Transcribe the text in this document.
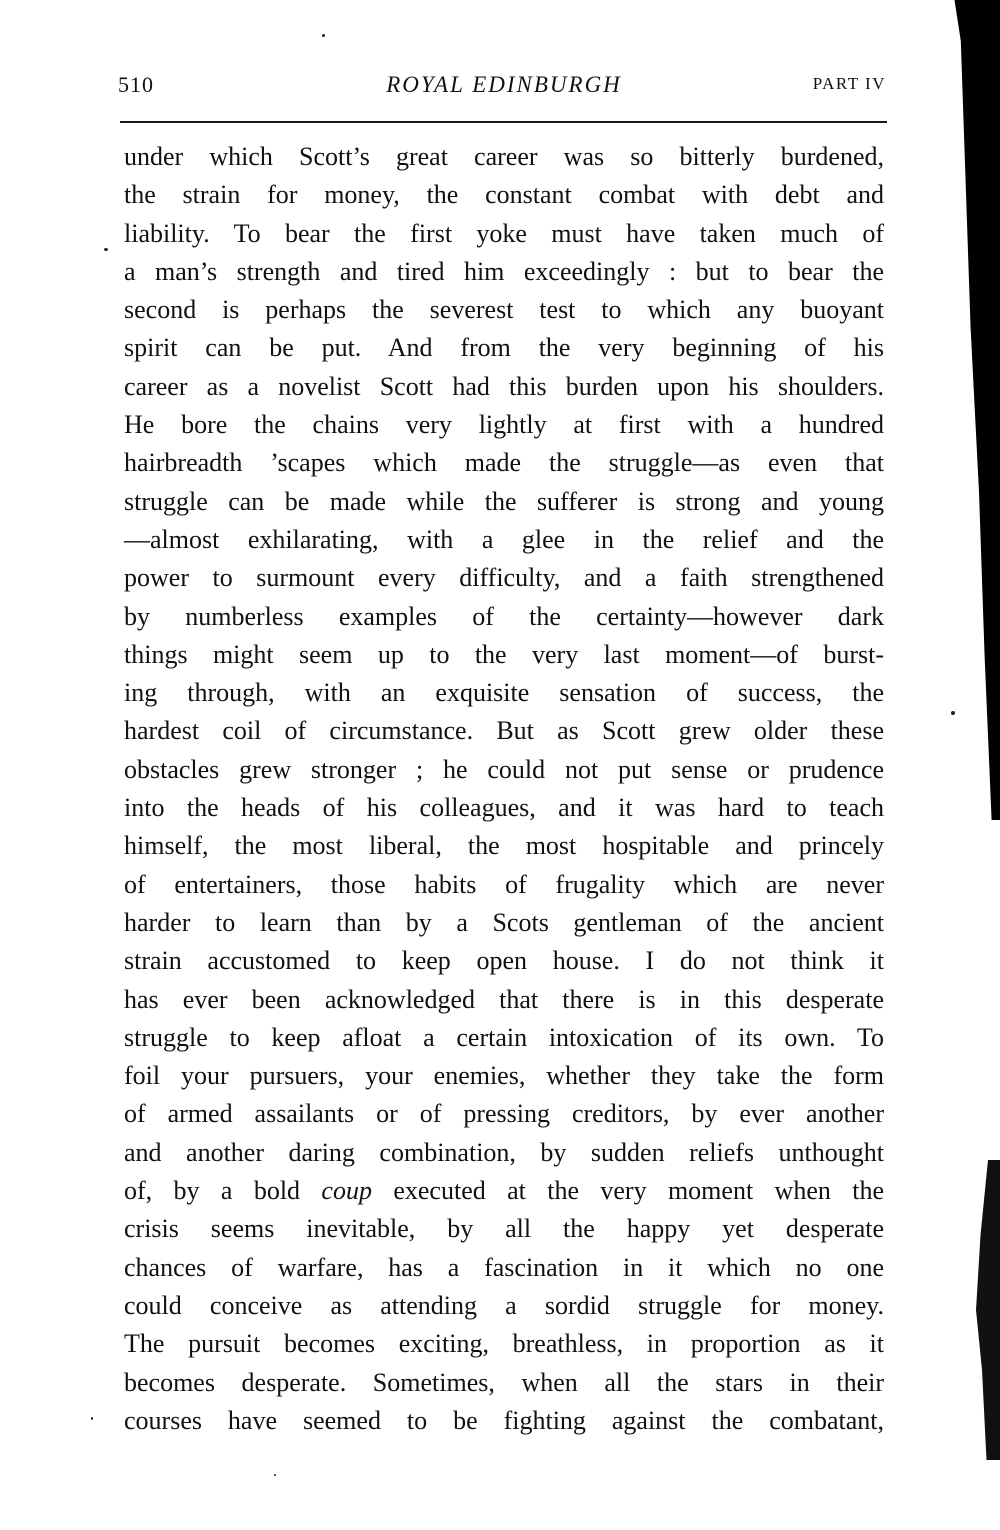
510	ROYAL EDINBURGH	PART IV
under which Scott’s great career was so bitterly burdened,
the strain for money, the constant combat with debt and
liability. To bear the first yoke must have taken much of
a man’s strength and tired him exceedingly : but to bear the
second is perhaps the severest test to which any buoyant
spirit can be put. And from the very beginning of his
career as a novelist Scott had this burden upon his shoulders.
He bore the chains very lightly at first with a hundred
hairbreadth ’scapes which made the struggle—as even that
struggle can be made while the sufferer is strong and young
—almost exhilarating, with a glee in the relief and the
power to surmount every difficulty, and a faith strengthened
by numberless examples of the certainty—however dark
things might seem up to the very last moment—of burst-
ing through, with an exquisite sensation of success, the
hardest coil of circumstance. But as Scott grew older these
obstacles grew stronger ; he could not put sense or prudence
into the heads of his colleagues, and it was hard to teach
himself, the most liberal, the most hospitable and princely
of entertainers, those habits of frugality which are never
harder to learn than by a Scots gentleman of the ancient
strain accustomed to keep open house. I do not think it
has ever been acknowledged that there is in this desperate
struggle to keep afloat a certain intoxication of its own. To
foil your pursuers, your enemies, whether they take the form
of armed assailants or of pressing creditors, by ever another
and another daring combination, by sudden reliefs unthought
of, by a bold coup executed at the very moment when the
crisis seems inevitable, by all the happy yet desperate
chances of warfare, has a fascination in it which no one
could conceive as attending a sordid struggle for money.
The pursuit becomes exciting, breathless, in proportion as it
becomes desperate. Sometimes, when all the stars in their
courses have seemed to be fighting against the combatant,
